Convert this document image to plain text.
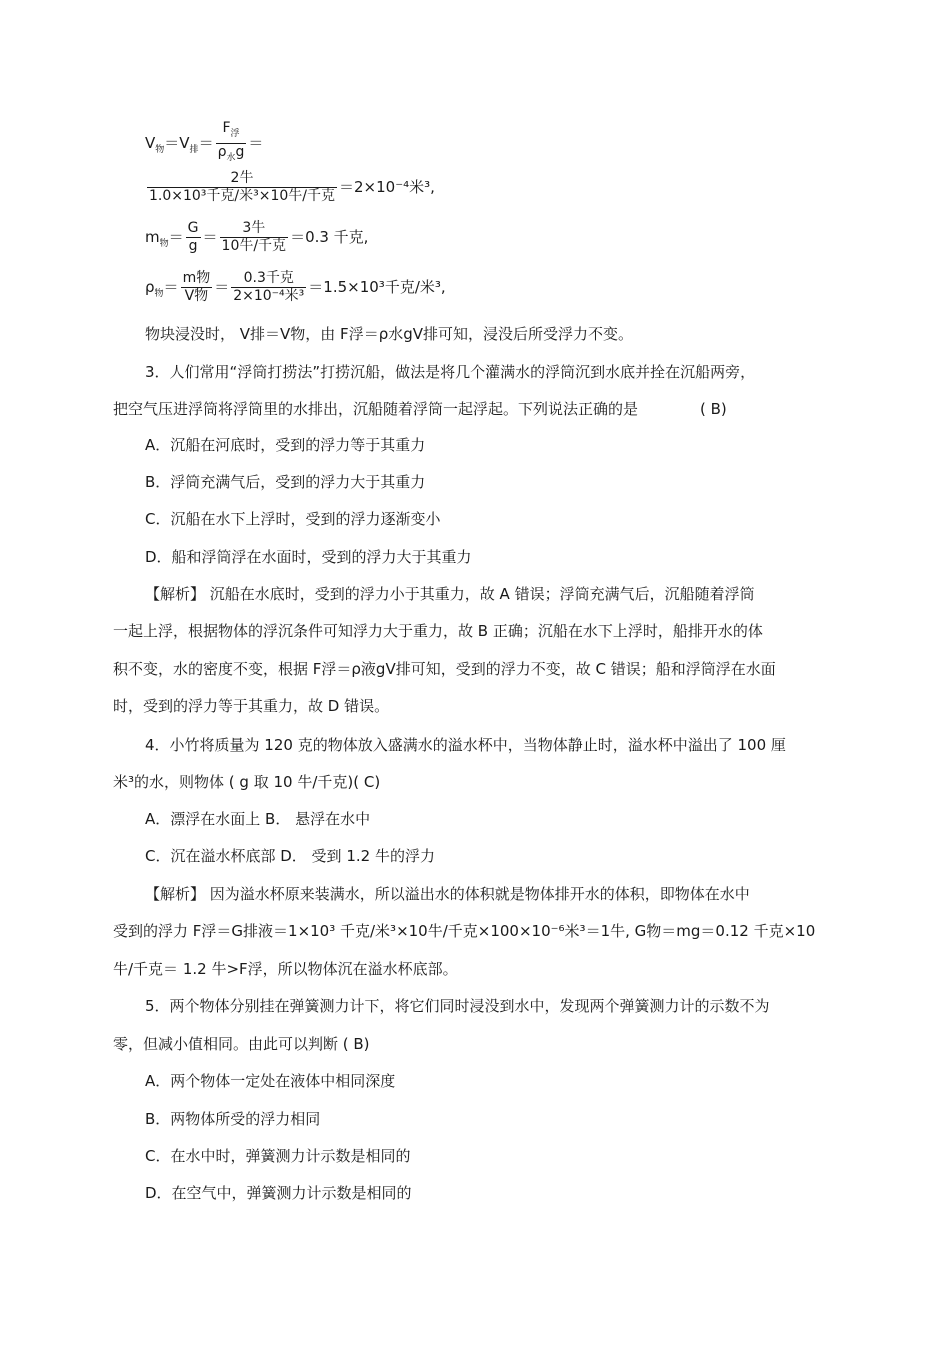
$V_物=V_排= \frac{F_浮}{\rho_水g}$ ＝
$\frac{\text{2牛}}{\text{1.0×10³千克/米³×10牛/千克}} =2\times 10^{-4}$米³,
$m_物= \frac{G}{g} = \frac{\text{3牛}}{\text{10牛/千克}} =0.3$ 千克,
$\rho_物= \frac{\text{m物}}{\text{V物}} = \frac{\text{0.3千克}}{\text{2×10⁻⁴米³}} =1.5\times 10^3$千克/米³,
物块浸没时， V排＝V物，由 F浮＝ρ水gV排可知，浸没后所受浮力不变。
3．人们常用“浮筒打捞法”打捞沉船，做法是将几个灌满水的浮筒沉到水底并拴在沉船两旁，
把空气压进浮筒将浮筒里的水排出，沉船随着浮筒一起浮起。下列说法正确的是	( B)
A．沉船在河底时，受到的浮力等于其重力
B．浮筒充满气后，受到的浮力大于其重力
C．沉船在水下上浮时，受到的浮力逐渐变小
D．船和浮筒浮在水面时，受到的浮力大于其重力
【解析】 沉船在水底时，受到的浮力小于其重力，故 A 错误；浮筒充满气后，沉船随着浮筒
一起上浮，根据物体的浮沉条件可知浮力大于重力，故 B 正确；沉船在水下上浮时，船排开水的体
积不变，水的密度不变，根据 F浮＝ρ液gV排可知，受到的浮力不变，故 C 错误；船和浮筒浮在水面
时，受到的浮力等于其重力，故 D 错误。
4．小竹将质量为 120 克的物体放入盛满水的溢水杯中，当物体静止时，溢水杯中溢出了 100 厘
米³的水，则物体 ( g 取 10 牛/千克)( C)
A．漂浮在水面上 B． 悬浮在水中
C．沉在溢水杯底部 D． 受到 1.2 牛的浮力
【解析】 因为溢水杯原来装满水，所以溢出水的体积就是物体排开水的体积，即物体在水中
受到的浮力 F浮＝G排液＝1×10³ 千克/米³×10牛/千克×100×10⁻⁶米³＝1牛, G物＝mg＝0.12 千克×10
牛/千克＝ 1.2 牛>F浮，所以物体沉在溢水杯底部。
5．两个物体分别挂在弹簧测力计下，将它们同时浸没到水中，发现两个弹簧测力计的示数不为
零，但减小值相同。由此可以判断 ( B)
A．两个物体一定处在液体中相同深度
B．两物体所受的浮力相同
C．在水中时，弹簧测力计示数是相同的
D．在空气中，弹簧测力计示数是相同的
